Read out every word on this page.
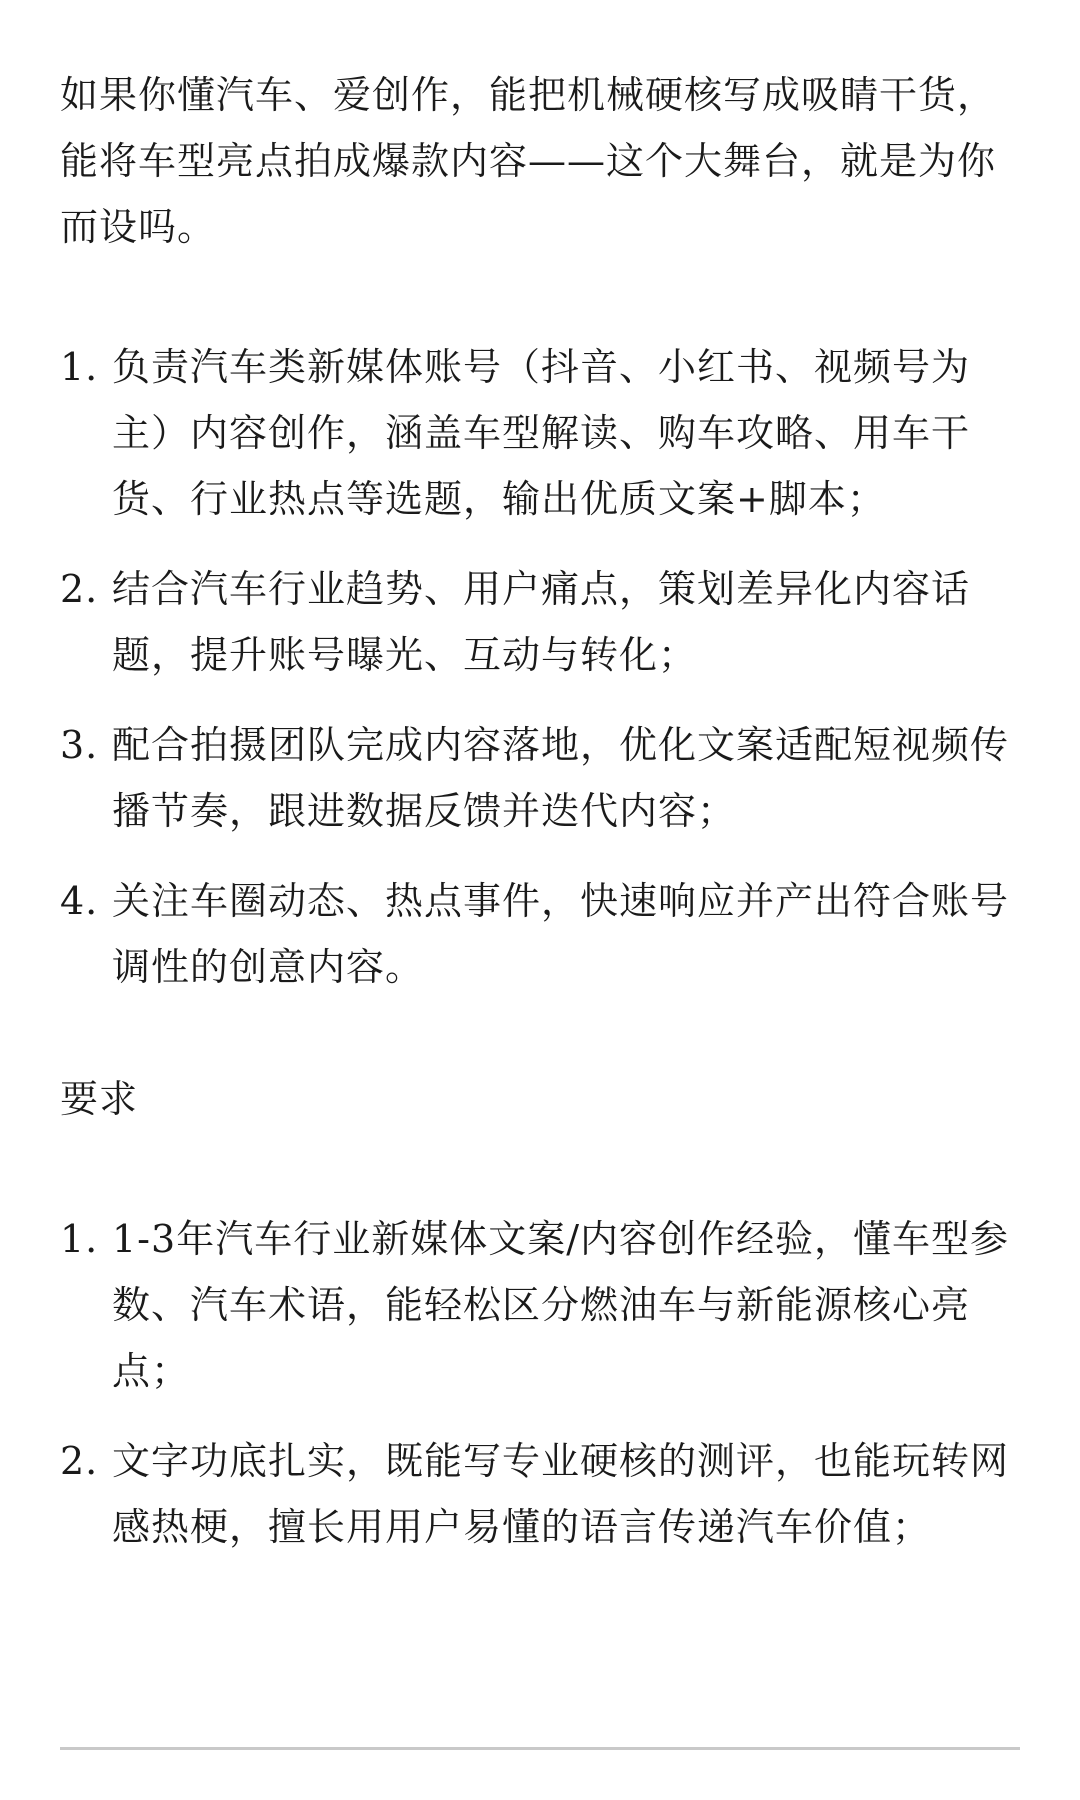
如果你懂汽车、爱创作，能把机械硬核写成吸睛干货，能将车型亮点拍成爆款内容——这个大舞台，就是为你而设吗。

1. 负责汽车类新媒体账号（抖音、小红书、视频号为主）内容创作，涵盖车型解读、购车攻略、用车干货、行业热点等选题，输出优质文案+脚本；
2. 结合汽车行业趋势、用户痛点，策划差异化内容话题，提升账号曝光、互动与转化；
3. 配合拍摄团队完成内容落地，优化文案适配短视频传播节奏，跟进数据反馈并迭代内容；
4. 关注车圈动态、热点事件，快速响应并产出符合账号调性的创意内容。
要求
1. 1-3年汽车行业新媒体文案/内容创作经验，懂车型参数、汽车术语，能轻松区分燃油车与新能源核心亮点；
2. 文字功底扎实，既能写专业硬核的测评，也能玩转网感热梗，擅长用用户易懂的语言传递汽车价值；
